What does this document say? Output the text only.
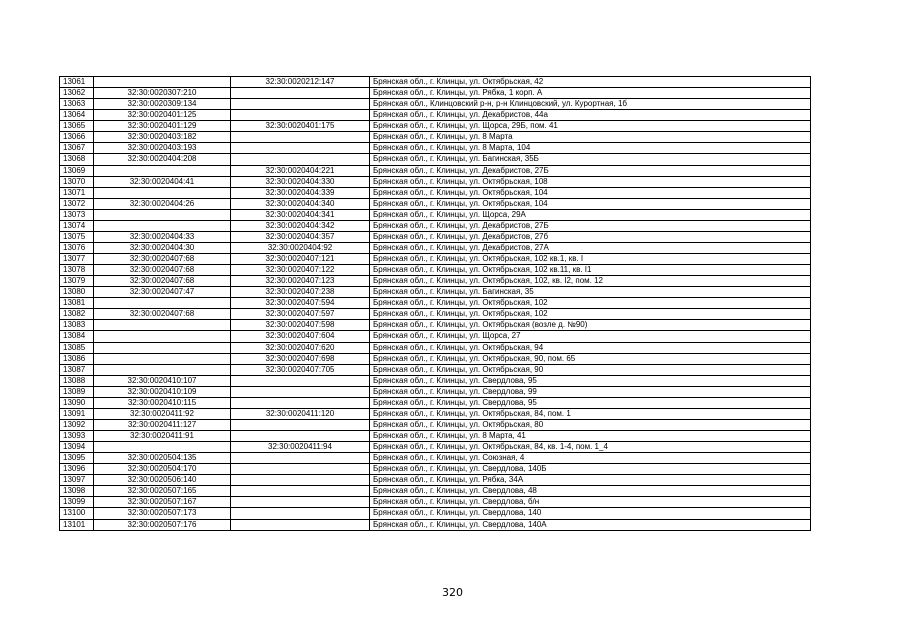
13061		32:30:0020212:147	Брянская обл., г. Клинцы, ул. Октябрьская, 42
13062	32:30:0020307:210		Брянская обл., г. Клинцы, ул. Рябка, 1 корп. А
13063	32:30:0020309:134		Брянская обл., Клинцовский р-н, р-н Клинцовский, ул. Курортная, 1б
13064	32:30:0020401:125		Брянская обл., г. Клинцы, ул. Декабристов, 44а
13065	32:30:0020401:129	32:30:0020401:175	Брянская обл., г. Клинцы, ул. Щорса, 29Б, пом. 41
13066	32:30:0020403:182		Брянская обл., г. Клинцы, ул. 8 Марта
13067	32:30:0020403:193		Брянская обл., г. Клинцы, ул. 8 Марта, 104
13068	32:30:0020404:208		Брянская обл., г. Клинцы, ул. Багинская, 35Б
13069		32:30:0020404:221	Брянская обл., г. Клинцы, ул. Декабристов, 27Б
13070	32:30:0020404:41	32:30:0020404:330	Брянская обл., г. Клинцы, ул. Октябрьская, 108
13071		32:30:0020404:339	Брянская обл., г. Клинцы, ул. Октябрьская, 104
13072	32:30:0020404:26	32:30:0020404:340	Брянская обл., г. Клинцы, ул. Октябрьская, 104
13073		32:30:0020404:341	Брянская обл., г. Клинцы, ул. Щорса, 29А
13074		32:30:0020404:342	Брянская обл., г. Клинцы, ул. Декабристов, 27Б
13075	32:30:0020404:33	32:30:0020404:357	Брянская обл., г. Клинцы, ул. Декабристов, 27б
13076	32:30:0020404:30	32:30:0020404:92	Брянская обл., г. Клинцы, ул. Декабристов, 27А
13077	32:30:0020407:68	32:30:0020407:121	Брянская обл., г. Клинцы, ул. Октябрьская, 102 кв.1, кв. I
13078	32:30:0020407:68	32:30:0020407:122	Брянская обл., г. Клинцы, ул. Октябрьская, 102 кв.11, кв. I1
13079	32:30:0020407:68	32:30:0020407:123	Брянская обл., г. Клинцы, ул. Октябрьская, 102, кв. I2, пом. 12
13080	32:30:0020407:47	32:30:0020407:238	Брянская обл., г. Клинцы, ул. Багинская, 35
13081		32:30:0020407:594	Брянская обл., г. Клинцы, ул. Октябрьская, 102
13082	32:30:0020407:68	32:30:0020407:597	Брянская обл., г. Клинцы, ул. Октябрьская, 102
13083		32:30:0020407:598	Брянская обл., г. Клинцы, ул. Октябрьская (возле д. №90)
13084		32:30:0020407:604	Брянская обл., г. Клинцы, ул. Щорса, 27
13085		32:30:0020407:620	Брянская обл., г. Клинцы, ул. Октябрьская, 94
13086		32:30:0020407:698	Брянская обл., г. Клинцы, ул. Октябрьская, 90, пом. 65
13087		32:30:0020407:705	Брянская обл., г. Клинцы, ул. Октябрьская, 90
13088	32:30:0020410:107		Брянская обл., г. Клинцы, ул. Свердлова, 95
13089	32:30:0020410:109		Брянская обл., г. Клинцы, ул. Свердлова, 99
13090	32:30:0020410:115		Брянская обл., г. Клинцы, ул. Свердлова, 95
13091	32:30:0020411:92	32:30:0020411:120	Брянская обл., г. Клинцы, ул. Октябрьская, 84, пом. 1
13092	32:30:0020411:127		Брянская обл., г. Клинцы, ул. Октябрьская, 80
13093	32:30:0020411:91		Брянская обл., г. Клинцы, ул. 8 Марта, 41
13094		32:30:0020411:94	Брянская обл., г. Клинцы, ул. Октябрьская, 84, кв. 1-4, пом. 1_4
13095	32:30:0020504:135		Брянская обл., г. Клинцы, ул. Союзная, 4
13096	32:30:0020504:170		Брянская обл., г. Клинцы, ул. Свердлова, 140Б
13097	32:30:0020506:140		Брянская обл., г. Клинцы, ул. Рябка, 34А
13098	32:30:0020507:165		Брянская обл., г. Клинцы, ул. Свердлова, 48
13099	32:30:0020507:167		Брянская обл., г. Клинцы, ул. Свердлова, б/н
13100	32:30:0020507:173		Брянская обл., г. Клинцы, ул. Свердлова, 140
13101	32:30:0020507:176		Брянская обл., г. Клинцы, ул. Свердлова, 140А
320
